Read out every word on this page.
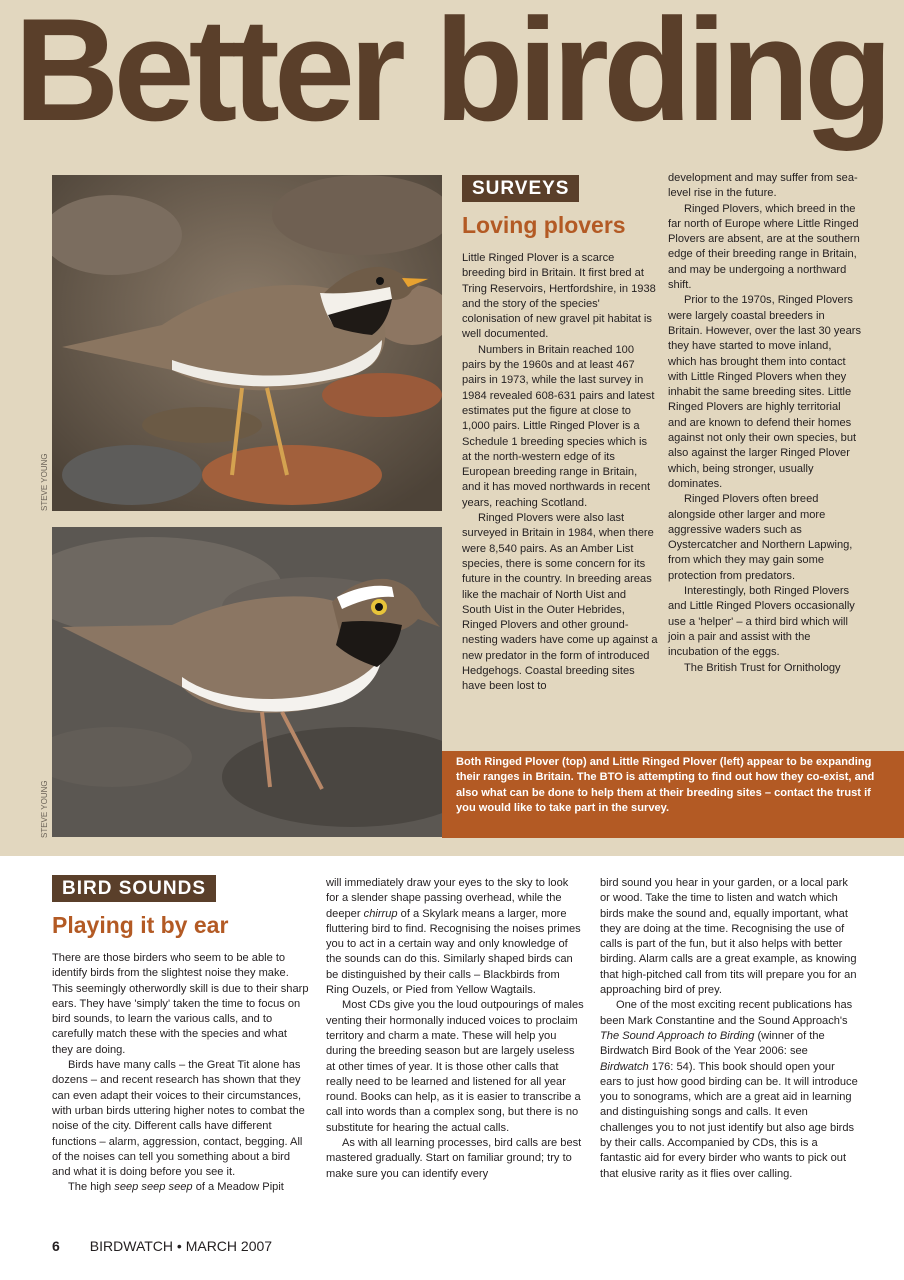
Better birding
STEVE YOUNG
STEVE YOUNG
SURVEYS
Loving plovers

Little Ringed Plover is a scarce breeding bird in Britain. It first bred at Tring Reservoirs, Hertfordshire, in 1938 and the story of the species' colonisation of new gravel pit habitat is well documented.

Numbers in Britain reached 100 pairs by the 1960s and at least 467 pairs in 1973, while the last survey in 1984 revealed 608-631 pairs and latest estimates put the figure at close to 1,000 pairs. Little Ringed Plover is a Schedule 1 breeding species which is at the north-western edge of its European breeding range in Britain, and it has moved northwards in recent years, reaching Scotland.

Ringed Plovers were also last surveyed in Britain in 1984, when there were 8,540 pairs. As an Amber List species, there is some concern for its future in the country. In breeding areas like the machair of North Uist and South Uist in the Outer Hebrides, Ringed Plovers and other ground-nesting waders have come up against a new predator in the form of introduced Hedgehogs. Coastal breeding sites have been lost to

development and may suffer from sea-level rise in the future.

Ringed Plovers, which breed in the far north of Europe where Little Ringed Plovers are absent, are at the southern edge of their breeding range in Britain, and may be undergoing a northward shift.

Prior to the 1970s, Ringed Plovers were largely coastal breeders in Britain. However, over the last 30 years they have started to move inland, which has brought them into contact with Little Ringed Plovers when they inhabit the same breeding sites. Little Ringed Plovers are highly territorial and are known to defend their homes against not only their own species, but also against the larger Ringed Plover which, being stronger, usually dominates.

Ringed Plovers often breed alongside other larger and more aggressive waders such as Oystercatcher and Northern Lapwing, from which they may gain some protection from predators.

Interestingly, both Ringed Plovers and Little Ringed Plovers occasionally use a 'helper' – a third bird which will join a pair and assist with the incubation of the eggs.

The British Trust for Ornithology

Both Ringed Plover (top) and Little Ringed Plover (left) appear to be expanding their ranges in Britain. The BTO is attempting to find out how they co-exist, and also what can be done to help them at their breeding sites – contact the trust if you would like to take part in the survey.
BIRD SOUNDS
Playing it by ear

There are those birders who seem to be able to identify birds from the slightest noise they make. This seemingly otherwordly skill is due to their sharp ears. They have 'simply' taken the time to focus on bird sounds, to learn the various calls, and to carefully match these with the species and what they are doing.

Birds have many calls – the Great Tit alone has dozens – and recent research has shown that they can even adapt their voices to their circumstances, with urban birds uttering higher notes to combat the noise of the city. Different calls have different functions – alarm, aggression, contact, begging. All of the noises can tell you something about a bird and what it is doing before you see it.

The high seep seep seep of a Meadow Pipit

will immediately draw your eyes to the sky to look for a slender shape passing overhead, while the deeper chirrup of a Skylark means a larger, more fluttering bird to find. Recognising the noises primes you to act in a certain way and only knowledge of the sounds can do this. Similarly shaped birds can be distinguished by their calls – Blackbirds from Ring Ouzels, or Pied from Yellow Wagtails.

Most CDs give you the loud outpourings of males venting their hormonally induced voices to proclaim territory and charm a mate. These will help you during the breeding season but are largely useless at other times of year. It is those other calls that really need to be learned and listened for all year round. Books can help, as it is easier to transcribe a call into words than a complex song, but there is no substitute for hearing the actual calls.

As with all learning processes, bird calls are best mastered gradually. Start on familiar ground; try to make sure you can identify every

bird sound you hear in your garden, or a local park or wood. Take the time to listen and watch which birds make the sound and, equally important, what they are doing at the time. Recognising the use of calls is part of the fun, but it also helps with better birding. Alarm calls are a great example, as knowing that high-pitched call from tits will prepare you for an approaching bird of prey.

One of the most exciting recent publications has been Mark Constantine and the Sound Approach's The Sound Approach to Birding (winner of the Birdwatch Bird Book of the Year 2006: see Birdwatch 176: 54). This book should open your ears to just how good birding can be. It will introduce you to sonograms, which are a great aid in learning and distinguishing songs and calls. It even challenges you to not just identify but also age birds by their calls. Accompanied by CDs, this is a fantastic aid for every birder who wants to pick out that elusive rarity as it flies over calling.

6 BIRDWATCH • MARCH 2007
